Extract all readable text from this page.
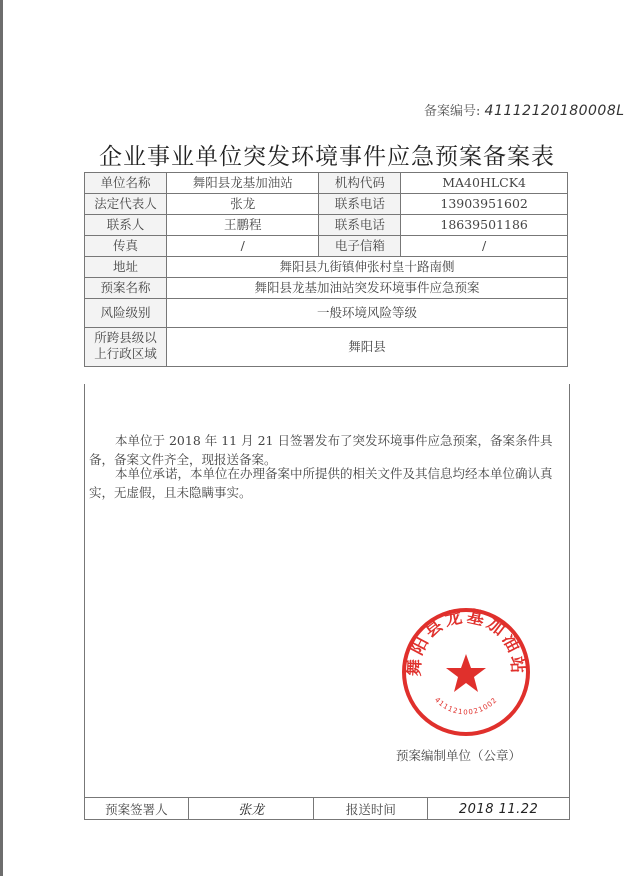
备案编号: 41112120180008L
企业事业单位突发环境事件应急预案备案表
单位名称	舞阳县龙基加油站	机构代码	MA40HLCK4
法定代表人	张龙	联系电话	13903951602
联系人	王鹏程	联系电话	18639501186
传真	/	电子信箱	/
地址	舞阳县九街镇伸张村皇十路南侧		
预案名称	舞阳县龙基加油站突发环境事件应急预案		
风险级别	一般环境风险等级		
所跨县级以上行政区域	舞阳县		
本单位于 2018 年 11 月 21 日签署发布了突发环境事件应急预案，备案条件具备，备案文件齐全，现报送备案。
本单位承诺，本单位在办理备案中所提供的相关文件及其信息均经本单位确认真实，无虚假，且未隐瞒事实。
舞阳县龙基加油站
4111210021002
预案编制单位（公章）
预案签署人	张龙	报送时间	2018 11.22
